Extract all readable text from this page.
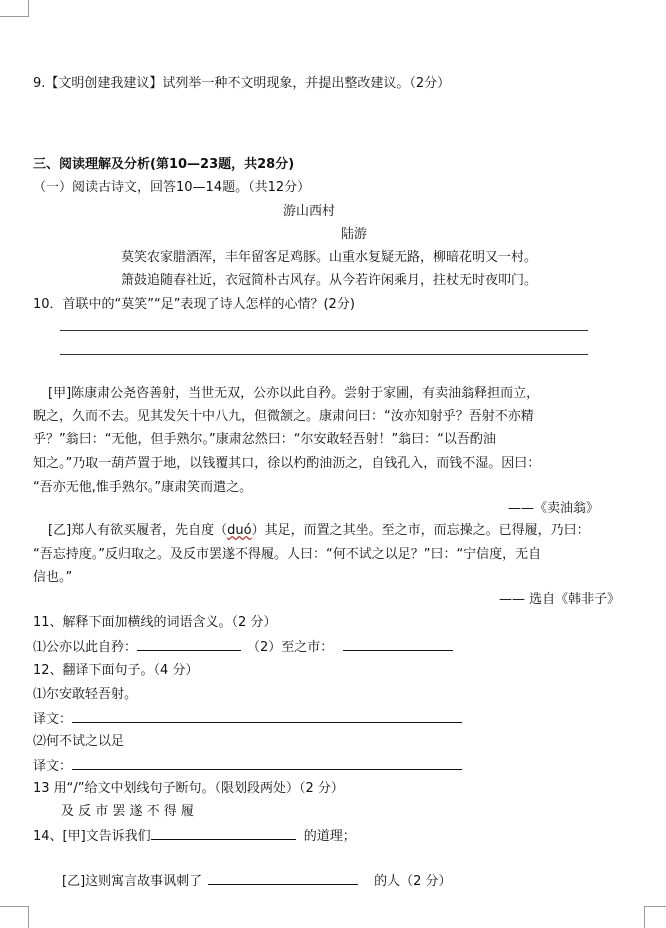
9.【文明创建我建议】试列举一种不文明现象，并提出整改建议。（2分）
三、阅读理解及分析(第10—23题，共28分)
（一）阅读古诗文，回答10—14题。（共12分）
游山西村
陆游
莫笑农家腊酒浑，丰年留客足鸡豚。山重水复疑无路，柳暗花明又一村。
箫鼓追随春社近，衣冠简朴古风存。从今若许闲乘月，拄杖无时夜叩门。
10．首联中的“莫笑”“足”表现了诗人怎样的心情？(2分)
[甲]陈康肃公尧咨善射，当世无双，公亦以此自矜。尝射于家圃，有卖油翁释担而立，
睨之，久而不去。见其发矢十中八九，但微颔之。康肃问曰：“汝亦知射乎？吾射不亦精
乎？”翁曰：“无他，但手熟尔。”康肃忿然曰：“尔安敢轻吾射！”翁曰：“以吾酌油
知之。”乃取一葫芦置于地，以钱覆其口，徐以杓酌油沥之，自钱孔入，而钱不湿。因曰：
“吾亦无他,惟手熟尔。”康肃笑而遣之。
——《卖油翁》
[乙]郑人有欲买履者，先自度（duó）其足，而置之其坐。至之市，而忘操之。已得履，乃曰：
“吾忘持度。”反归取之。及反市罢遂不得履。人曰：“何不试之以足？”曰：“宁信度，无自
信也。”
—— 选自《韩非子》
11、解释下面加横线的词语含义。（2 分）
⑴公亦以此自矜：	（2）至之市：
12、翻译下面句子。（4 分）
⑴尔安敢轻吾射。
译文：
⑵何不试之以足
译文：
13 用“/”给文中划线句子断句。（限划段两处）（2 分）
及 反 市 罢 遂 不 得 履
14、[甲]文告诉我们	的道理；
[乙]这则寓言故事讽刺了	的人（2 分）
